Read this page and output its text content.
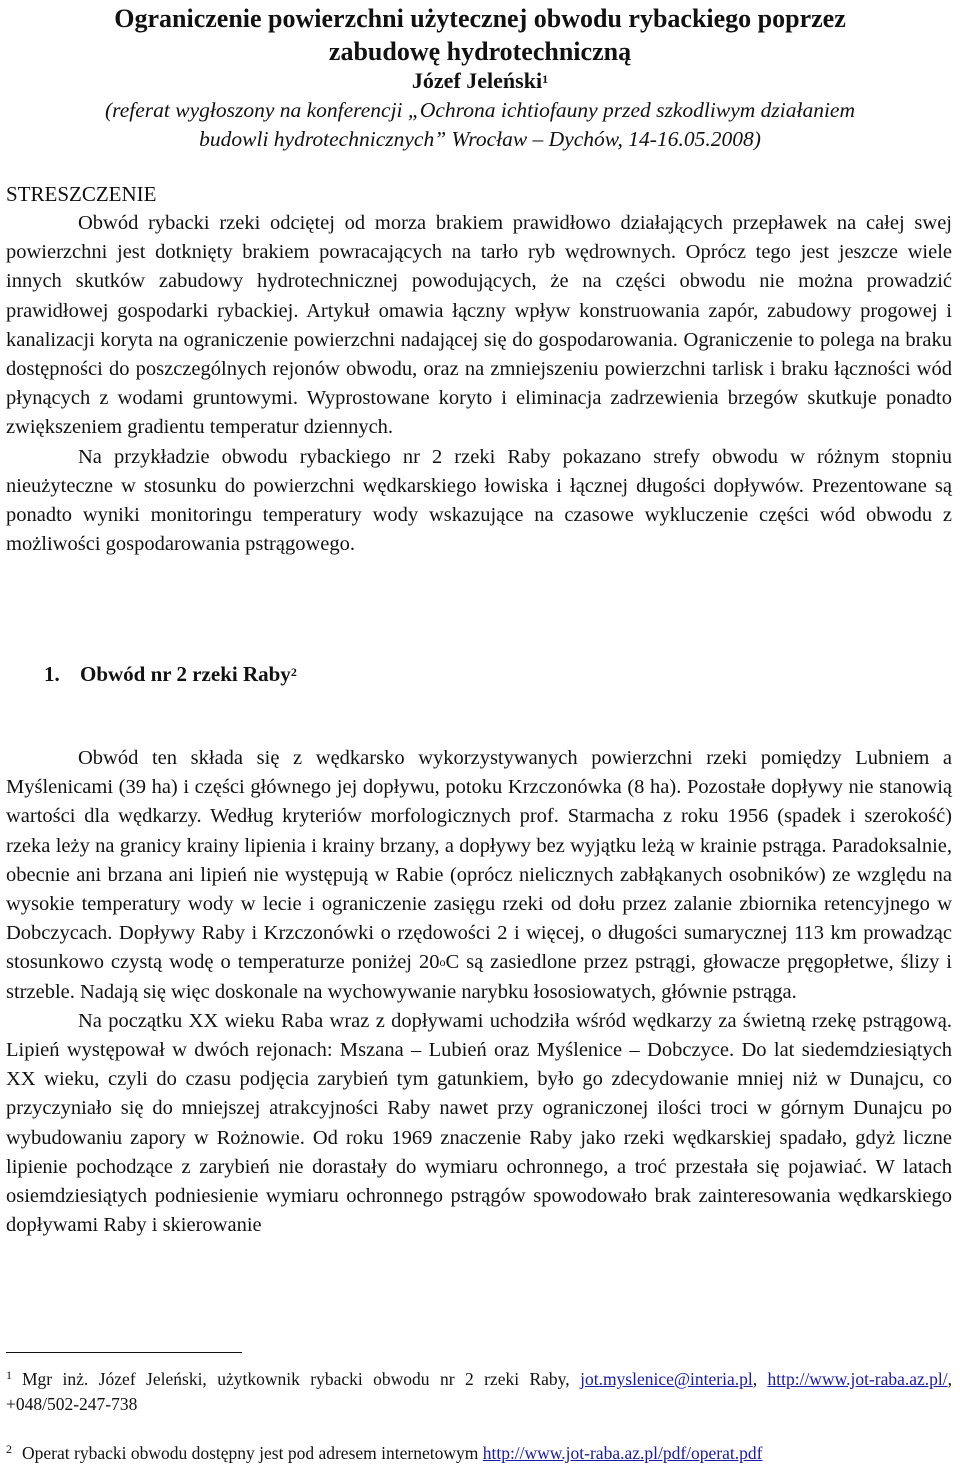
Ograniczenie powierzchni użytecznej obwodu rybackiego poprzez
zabudowę hydrotechniczną
Józef Jeleński$^1$
(referat wygłoszony na konferencji „Ochrona ichtiofauny przed szkodliwym działaniem
budowli hydrotechnicznych” Wrocław – Dychów, 14-16.05.2008)
STRESZCZENIE

Obwód rybacki rzeki odciętej od morza brakiem prawidłowo działających przepławek na całej swej powierzchni jest dotknięty brakiem powracających na tarło ryb wędrownych. Oprócz tego jest jeszcze wiele innych skutków zabudowy hydrotechnicznej powodujących, że na części obwodu nie można prowadzić prawidłowej gospodarki rybackiej. Artykuł omawia łączny wpływ konstruowania zapór, zabudowy progowej i kanalizacji koryta na ograniczenie powierzchni nadającej się do gospodarowania. Ograniczenie to polega na braku dostępności do poszczególnych rejonów obwodu, oraz na zmniejszeniu powierzchni tarlisk i braku łączności wód płynących z wodami gruntowymi. Wyprostowane koryto i eliminacja zadrzewienia brzegów skutkuje ponadto zwiększeniem gradientu temperatur dziennych.

Na przykładzie obwodu rybackiego nr 2 rzeki Raby pokazano strefy obwodu w różnym stopniu nieużyteczne w stosunku do powierzchni wędkarskiego łowiska i łącznej długości dopływów. Prezentowane są ponadto wyniki monitoringu temperatury wody wskazujące na czasowe wykluczenie części wód obwodu z możliwości gospodarowania pstrągowego.

1. Obwód nr 2 rzeki Raby$^2$

Obwód ten składa się z wędkarsko wykorzystywanych powierzchni rzeki pomiędzy Lubniem a Myślenicami (39 ha) i części głównego jej dopływu, potoku Krzczonówka (8 ha). Pozostałe dopływy nie stanowią wartości dla wędkarzy. Według kryteriów morfologicznych prof. Starmacha z roku 1956 (spadek i szerokość) rzeka leży na granicy krainy lipienia i krainy brzany, a dopływy bez wyjątku leżą w krainie pstrąga. Paradoksalnie, obecnie ani brzana ani lipień nie występują w Rabie (oprócz nielicznych zabłąkanych osobników) ze względu na wysokie temperatury wody w lecie i ograniczenie zasięgu rzeki od dołu przez zalanie zbiornika retencyjnego w Dobczycach. Dopływy Raby i Krzczonówki o rzędowości 2 i więcej, o długości sumarycznej 113 km prowadząc stosunkowo czystą wodę o temperaturze poniżej 20$^o$C są zasiedlone przez pstrągi, głowacze pręgopłetwe, ślizy i strzeble. Nadają się więc doskonale na wychowywanie narybku łososiowatych, głównie pstrąga.

Na początku XX wieku Raba wraz z dopływami uchodziła wśród wędkarzy za świetną rzekę pstrągową. Lipień występował w dwóch rejonach: Mszana – Lubień oraz Myślenice – Dobczyce. Do lat siedemdziesiątych XX wieku, czyli do czasu podjęcia zarybień tym gatunkiem, było go zdecydowanie mniej niż w Dunajcu, co przyczyniało się do mniejszej atrakcyjności Raby nawet przy ograniczonej ilości troci w górnym Dunajcu po wybudowaniu zapory w Rożnowie. Od roku 1969 znaczenie Raby jako rzeki wędkarskiej spadało, gdyż liczne lipienie pochodzące z zarybień nie dorastały do wymiaru ochronnego, a troć przestała się pojawiać. W latach osiemdziesiątych podniesienie wymiaru ochronnego pstrągów spowodowało brak zainteresowania wędkarskiego dopływami Raby i skierowanie

$^1$ Mgr inż. Józef Jeleński, użytkownik rybacki obwodu nr 2 rzeki Raby, jot.myslenice@interia.pl, http://www.jot-raba.az.pl/, +048/502-247-738
$^2$ Operat rybacki obwodu dostępny jest pod adresem internetowym http://www.jot-raba.az.pl/pdf/operat.pdf
